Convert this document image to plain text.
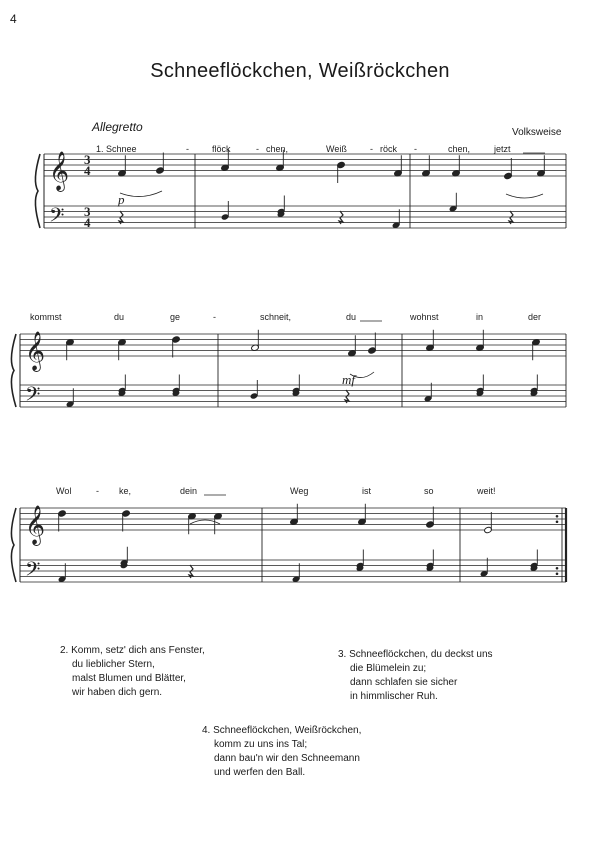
4
Schneeflöckchen, Weißröckchen
Allegretto	Volksweise
𝄞
𝄢
3
4
3
4
𝄞
𝄢
𝄞
𝄢
1. Schnee	-	flöck	- chen,	Weiß	- röck -	chen,	jetzt
kommst	du	ge	-	schneit,	du	wohnst	in	der
Wol	- ke,	dein	Weg	ist	so	weit!
p
mf
2. Komm, setz' dich ans Fenster,
du lieblicher Stern,
malst Blumen und Blätter,
wir haben dich gern.
3. Schneeflöckchen, du deckst uns
die Blümelein zu;
dann schlafen sie sicher
in himmlischer Ruh.
4. Schneeflöckchen, Weißröckchen,
komm zu uns ins Tal;
dann bau'n wir den Schneemann
und werfen den Ball.
